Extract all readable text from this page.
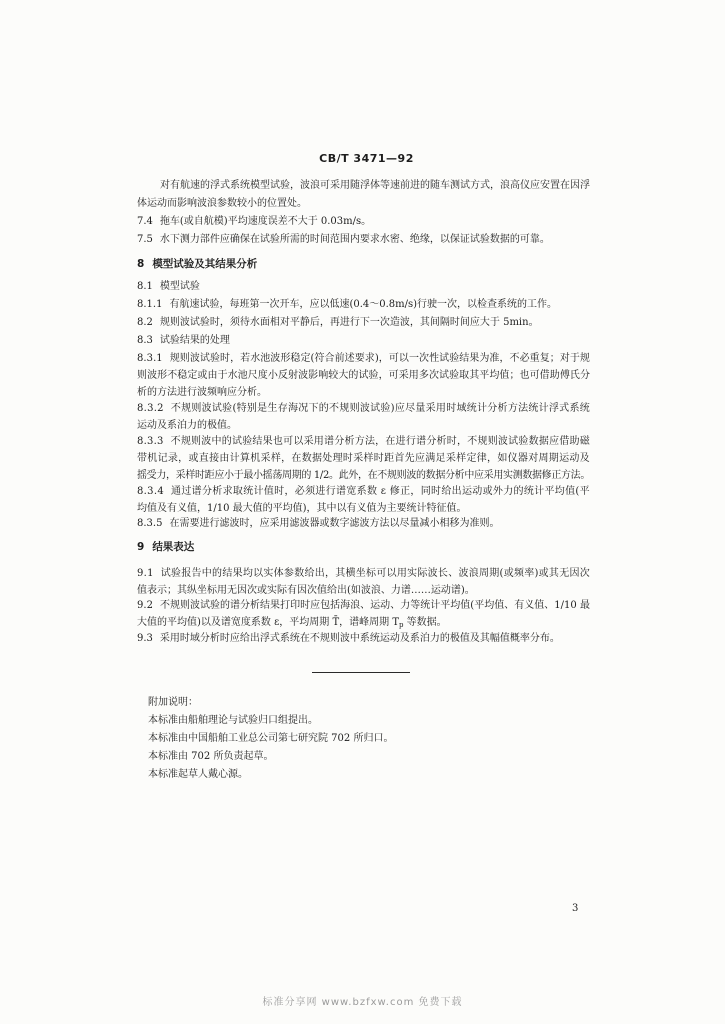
CB/T 3471—92
对有航速的浮式系统模型试验，波浪可采用随浮体等速前进的随车测试方式，浪高仪应安置在因浮
体运动而影响波浪参数较小的位置处。
7.4 拖车(或自航模)平均速度误差不大于 0.03m/s。
7.5 水下测力部件应确保在试验所需的时间范围内要求水密、绝缘，以保证试验数据的可靠。
8 模型试验及其结果分析
8.1 模型试验
8.1.1 有航速试验，每班第一次开车，应以低速(0.4～0.8m/s)行驶一次，以检查系统的工作。
8.2 规则波试验时，须待水面相对平静后，再进行下一次造波，其间隔时间应大于 5min。
8.3 试验结果的处理
8.3.1 规则波试验时，若水池波形稳定(符合前述要求)，可以一次性试验结果为准，不必重复；对于规
则波形不稳定或由于水池尺度小反射波影响较大的试验，可采用多次试验取其平均值；也可借助傅氏分
析的方法进行波频响应分析。
8.3.2 不规则波试验(特别是生存海况下的不规则波试验)应尽量采用时域统计分析方法统计浮式系统
运动及系泊力的极值。
8.3.3 不规则波中的试验结果也可以采用谱分析方法，在进行谱分析时，不规则波试验数据应借助磁
带机记录，或直接由计算机采样，在数据处理时采样时距首先应满足采样定律，如仪器对周期运动及
摇受力，采样时距应小于最小摇荡周期的 1/2。此外，在不规则波的数据分析中应采用实测数据修正方法。
8.3.4 通过谱分析求取统计值时，必须进行谱宽系数 ε 修正，同时给出运动或外力的统计平均值(平
均值及有义值，1/10 最大值的平均值)，其中以有义值为主要统计特征值。
8.3.5 在需要进行滤波时，应采用滤波器或数字滤波方法以尽量减小相移为准则。
9 结果表达
9.1 试验报告中的结果均以实体参数给出，其横坐标可以用实际波长、波浪周期(或频率)或其无因次
值表示；其纵坐标用无因次或实际有因次值给出(如波浪、力谱……运动谱)。
9.2 不规则波试验的谱分析结果打印时应包括海浪、运动、力等统计平均值(平均值、有义值、1/10 最
大值的平均值)以及谱宽度系数 ε，平均周期 T̄，谱峰周期 $T_p$ 等数据。
9.3 采用时域分析时应给出浮式系统在不规则波中系统运动及系泊力的极值及其幅值概率分布。
附加说明：
本标准由船舶理论与试验归口组提出。
本标准由中国船舶工业总公司第七研究院 702 所归口。
本标准由 702 所负责起草。
本标准起草人戴心源。
3
标准分享网 www.bzfxw.com 免费下载
